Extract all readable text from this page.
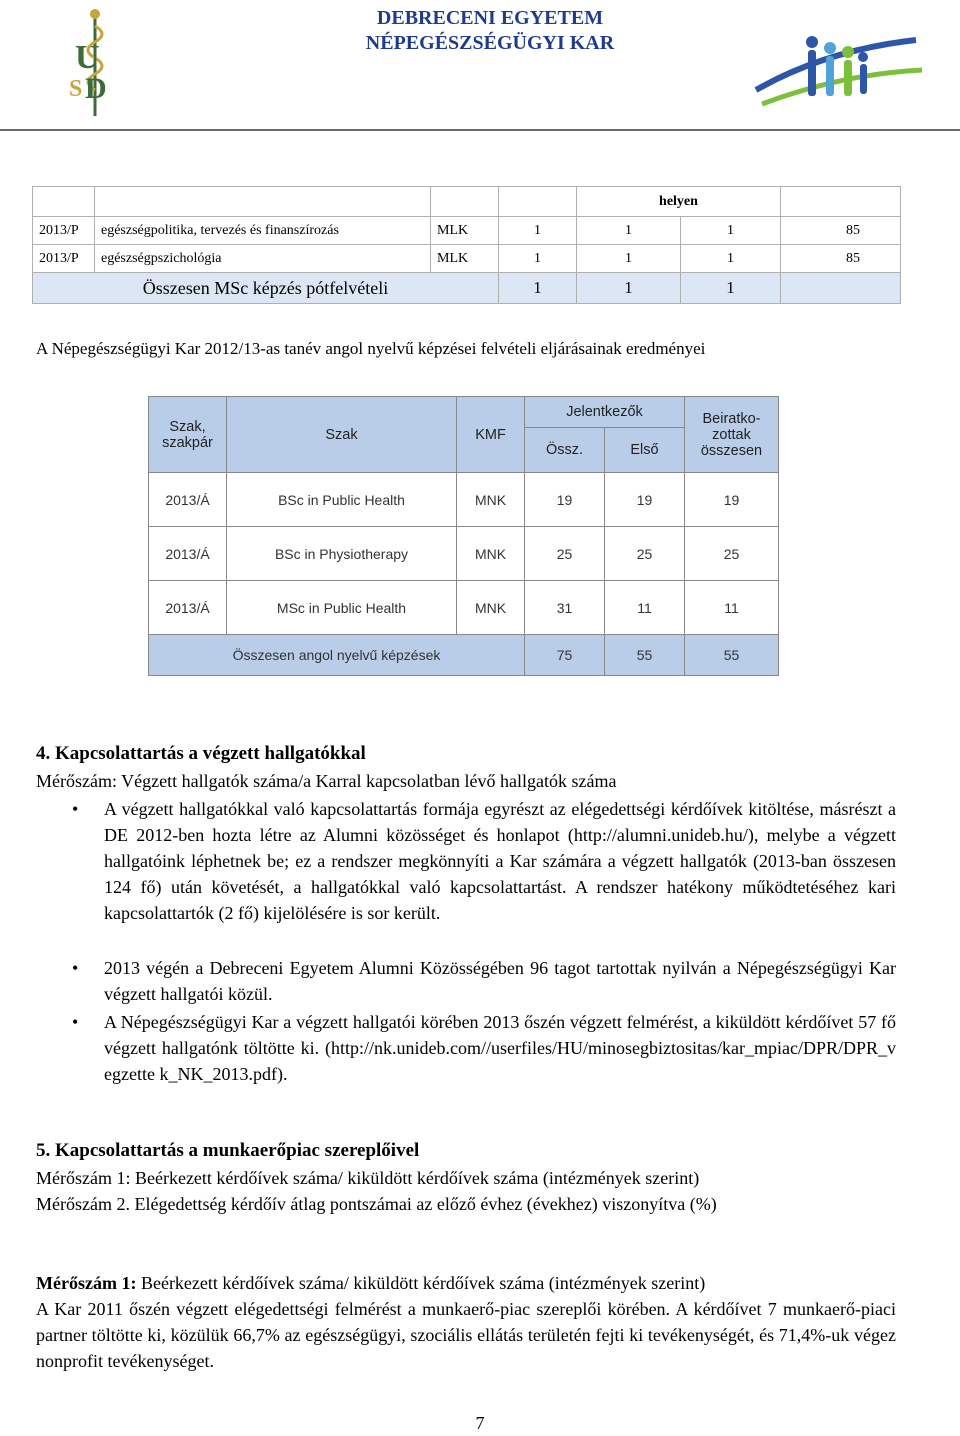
U
D
S
DEBRECENI EGYETEM
NÉPEGÉSZSÉGÜGYI KAR
				helyen		
2013/P	egészségpolitika, tervezés és finanszírozás	MLK	1	1	1	85
2013/P	egészségpszichológia	MLK	1	1	1	85
Összesen MSc képzés pótfelvételi			1	1	1	
A Népegészségügyi Kar 2012/13-as tanév angol nyelvű képzései felvételi eljárásainak eredményei
Szak, szakpár	Szak	KMF	Jelentkezők		Beiratko-zottak összesen
			Össz.	Első	
2013/Á	BSc in Public Health	MNK	19	19	19
2013/Á	BSc in Physiotherapy	MNK	25	25	25
2013/Á	MSc in Public Health	MNK	31	11	11
Összesen angol nyelvű képzések			75	55	55
4. Kapcsolattartás a végzett hallgatókkal
Mérőszám: Végzett hallgatók száma/a Karral kapcsolatban lévő hallgatók száma
• A végzett hallgatókkal való kapcsolattartás formája egyrészt az elégedettségi kérdőívek kitöltése, másrészt a DE 2012-ben hozta létre az Alumni közösséget és honlapot (http://alumni.unideb.hu/), melybe a végzett hallgatóink léphetnek be; ez a rendszer megkönnyíti a Kar számára a végzett hallgatók (2013-ban összesen 124 fő) után követését, a hallgatókkal való kapcsolattartást. A rendszer hatékony működtetéséhez kari kapcsolattartók (2 fő) kijelölésére is sor került.
• 2013 végén a Debreceni Egyetem Alumni Közösségében 96 tagot tartottak nyilván a Népegészségügyi Kar végzett hallgatói közül.
• A Népegészségügyi Kar a végzett hallgatói körében 2013 őszén végzett felmérést, a kiküldött kérdőívet 57 fő végzett hallgatónk töltötte ki. (http://nk.unideb.com//userfiles/HU/minosegbiztositas/kar_mpiac/DPR/DPR_vegzette k_NK_2013.pdf).
5. Kapcsolattartás a munkaerőpiac szereplőivel
Mérőszám 1: Beérkezett kérdőívek száma/ kiküldött kérdőívek száma (intézmények szerint)
Mérőszám 2. Elégedettség kérdőív átlag pontszámai az előző évhez (évekhez) viszonyítva (%)
Mérőszám 1: Beérkezett kérdőívek száma/ kiküldött kérdőívek száma (intézmények szerint)
A Kar 2011 őszén végzett elégedettségi felmérést a munkaerő-piac szereplői körében. A kérdőívet 7 munkaerő-piaci partner töltötte ki, közülük 66,7% az egészségügyi, szociális ellátás területén fejti ki tevékenységét, és 71,4%-uk végez nonprofit tevékenységet.
7
